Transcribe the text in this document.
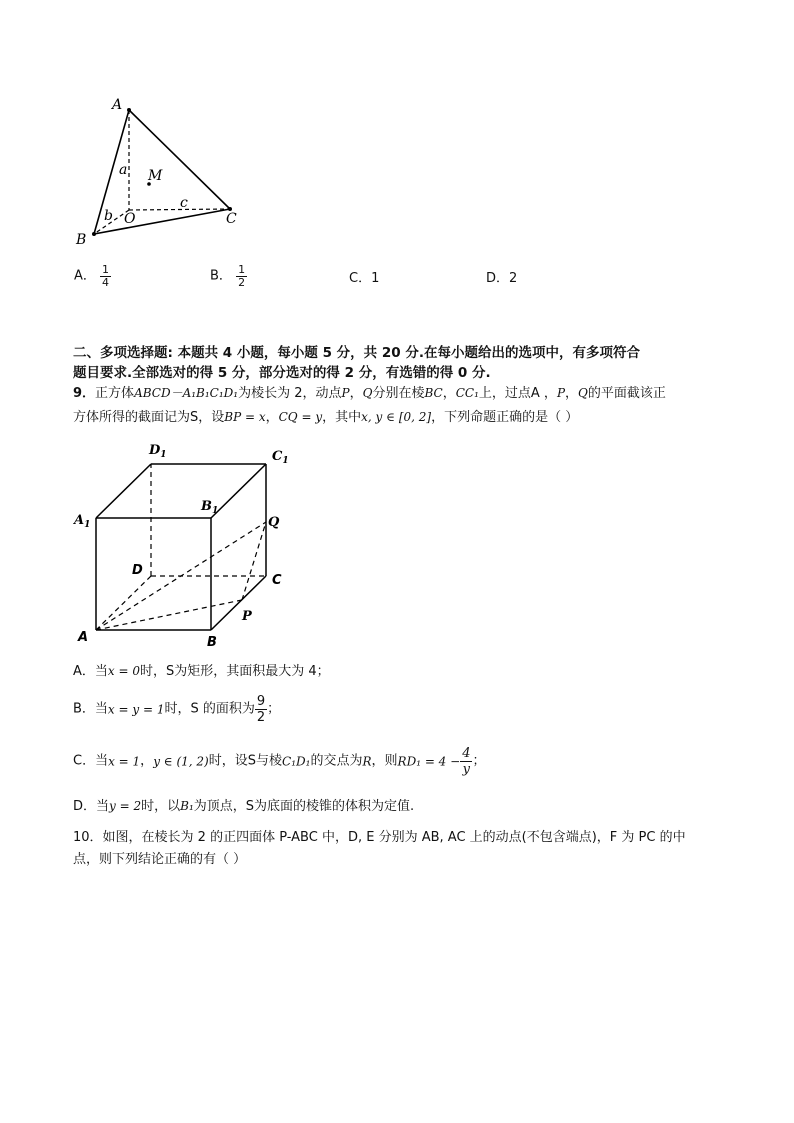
A
B
C
O
M
a
b
c
A． $\frac{1}{4}$	B． $\frac{1}{2}$	C．1	D．2
二、多项选择题: 本题共 4 小题，每小题 5 分，共 20 分.在每小题给出的选项中，有多项符合
题目要求.全部选对的得 5 分，部分选对的得 2 分，有选错的得 0 分.
9．正方体ABCD－A₁B₁C₁D₁为棱长为 2，动点P，Q分别在棱BC，CC₁上，过点A ，P，Q的平面截该正
方体所得的截面记为S，设BP = x，CQ = y，其中x, y ∈ [0, 2]，下列命题正确的是（ ）
A	B
C
D
$A_1$
$B_1$
$C_1$
$D_1$
P
Q
A．当x = 0时，S为矩形，其面积最大为 4；
B．当x = y = 1时，S 的面积为 $\frac{9}{2}$ ；
C．当x = 1，y ∈ (1, 2)时，设S与棱C₁D₁的交点为R，则$RD_1 = 4 - \frac{4}{y}$ ；
D．当y = 2时，以B₁为顶点，S为底面的棱锥的体积为定值.
10．如图，在棱长为 2 的正四面体 P-ABC 中，D, E 分别为 AB, AC 上的动点(不包含端点)，F 为 PC 的中
点，则下列结论正确的有（ ）
